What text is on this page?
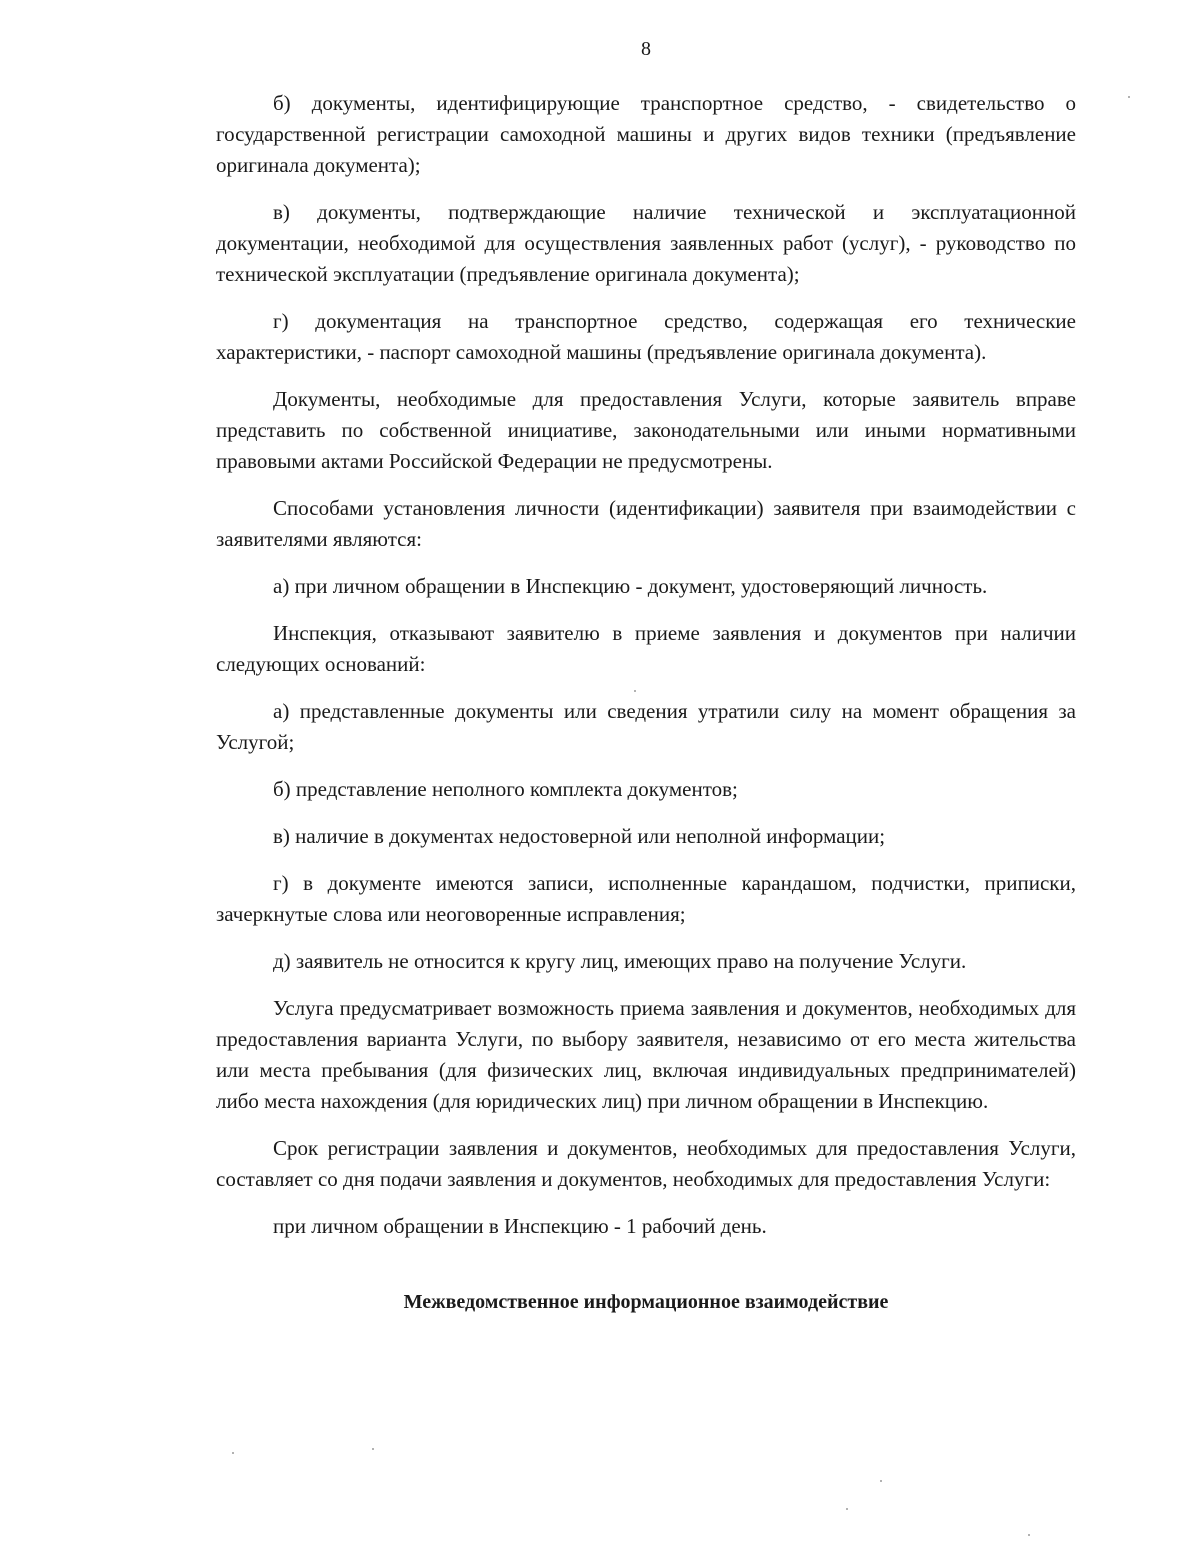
8

б) документы, идентифицирующие транспортное средство, - свидетельство о государственной регистрации самоходной машины и других видов техники (предъявление оригинала документа);

в) документы, подтверждающие наличие технической и эксплуатационной документации, необходимой для осуществления заявленных работ (услуг), - руководство по технической эксплуатации (предъявление оригинала документа);

г) документация на транспортное средство, содержащая его технические характеристики, - паспорт самоходной машины (предъявление оригинала документа).

Документы, необходимые для предоставления Услуги, которые заявитель вправе представить по собственной инициативе, законодательными или иными нормативными правовыми актами Российской Федерации не предусмотрены.

Способами установления личности (идентификации) заявителя при взаимодействии с заявителями являются:

а) при личном обращении в Инспекцию - документ, удостоверяющий личность.

Инспекция, отказывают заявителю в приеме заявления и документов при наличии следующих оснований:

а) представленные документы или сведения утратили силу на момент обращения за Услугой;

б) представление неполного комплекта документов;

в) наличие в документах недостоверной или неполной информации;

г) в документе имеются записи, исполненные карандашом, подчистки, приписки, зачеркнутые слова или неоговоренные исправления;

д) заявитель не относится к кругу лиц, имеющих право на получение Услуги.

Услуга предусматривает возможность приема заявления и документов, необходимых для предоставления варианта Услуги, по выбору заявителя, независимо от его места жительства или места пребывания (для физических лиц, включая индивидуальных предпринимателей) либо места нахождения (для юридических лиц) при личном обращении в Инспекцию.

Срок регистрации заявления и документов, необходимых для предоставления Услуги, составляет со дня подачи заявления и документов, необходимых для предоставления Услуги:

при личном обращении в Инспекцию - 1 рабочий день.

Межведомственное информационное взаимодействие
